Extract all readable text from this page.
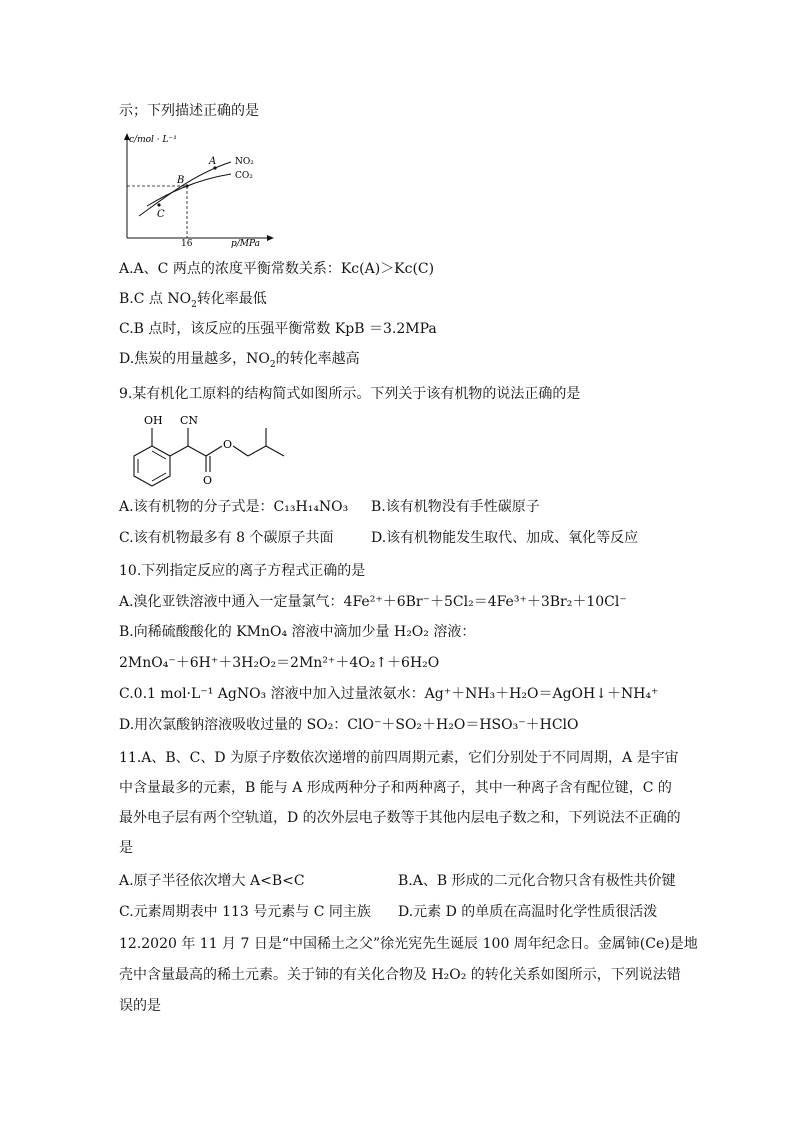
示；下列描述正确的是
c/mol · L⁻¹
p/MPa
16
NO₂
CO₂
A
B
C
A.A、C 两点的浓度平衡常数关系：Kc(A)＞Kc(C)
B.C 点 $NO_2$转化率最低
C.B 点时，该反应的压强平衡常数 KpB ＝3.2MPa
D.焦炭的用量越多，$NO_2$的转化率越高
9.某有机化工原料的结构简式如图所示。下列关于该有机物的说法正确的是
OH CN
O
O
A.该有机物的分子式是：C₁₃H₁₄NO₃ B.该有机物没有手性碳原子
C.该有机物最多有 8 个碳原子共面	D.该有机物能发生取代、加成、氧化等反应
10.下列指定反应的离子方程式正确的是
A.溴化亚铁溶液中通入一定量氯气：4Fe²⁺＋6Br⁻＋5Cl₂＝4Fe³⁺＋3Br₂＋10Cl⁻
B.向稀硫酸酸化的 KMnO₄ 溶液中滴加少量 H₂O₂ 溶液：
2MnO₄⁻＋6H⁺＋3H₂O₂＝2Mn²⁺＋4O₂↑＋6H₂O
C.0.1 mol·L⁻¹ AgNO₃ 溶液中加入过量浓氨水：Ag⁺＋NH₃＋H₂O＝AgOH↓＋NH₄⁺
D.用次氯酸钠溶液吸收过量的 SO₂：ClO⁻＋SO₂＋H₂O＝HSO₃⁻＋HClO
11.A、B、C、D 为原子序数依次递增的前四周期元素，它们分别处于不同周期，A 是宇宙
中含量最多的元素，B 能与 A 形成两种分子和两种离子，其中一种离子含有配位键，C 的
最外电子层有两个空轨道，D 的次外层电子数等于其他内层电子数之和，下列说法不正确的
是
A.原子半径依次增大 A<B<C	B.A、B 形成的二元化合物只含有极性共价键
C.元素周期表中 113 号元素与 C 同主族 D.元素 D 的单质在高温时化学性质很活泼
12.2020 年 11 月 7 日是“中国稀土之父”徐光宪先生诞辰 100 周年纪念日。金属铈(Ce)是地
壳中含量最高的稀土元素。关于铈的有关化合物及 H₂O₂ 的转化关系如图所示，下列说法错
误的是
